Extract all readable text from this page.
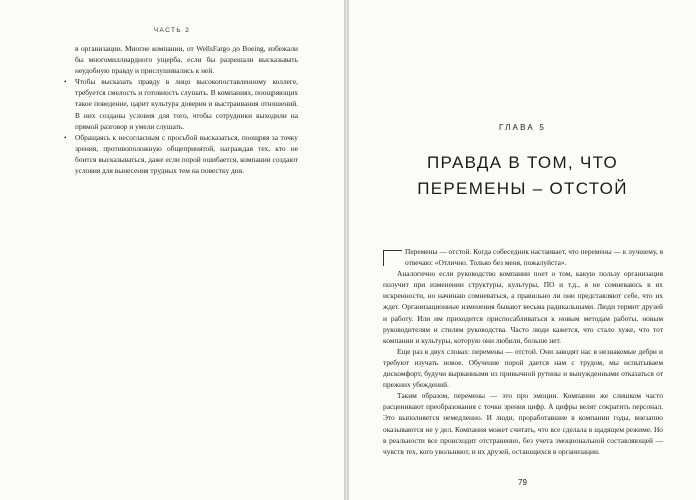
ЧАСТЬ 2

в организации. Многие компании, от WellsFargo до Boeing, избежали бы многомиллиардного ущерба, если бы разрешали высказывать неудобную правду и прислушивались к ней.

• Чтобы высказать правду в лицо высокопоставленному коллеге, требуется смелость и готовность слушать. В компаниях, поощряющих такое поведение, царит культура доверия и выстраивания отношений. В них созданы условия для того, чтобы сотрудники выходили на прямой разговор и умели слушать.

• Обращаясь к несогласным с просьбой высказаться, поощряя за точку зрения, противоположную общепринятой, награждая тех, кто не боится высказываться, даже если порой ошибается, компании создают условия для вынесения трудных тем на повестку дня.

ГЛАВА 5
ПРАВДА В ТОМ, ЧТО
ПЕРЕМЕНЫ – ОТСТОЙ

Перемены — отстой. Когда собеседник настаивает, что перемены — к лучшему, я отвечаю: «Отлично. Только без меня, пожалуйста».

Аналогично если руководство компании поет о том, какую пользу организация получит при изменении структуры, культуры, ПО и т.д., я не сомневаюсь в их искренности, но начинаю сомневаться, а правильно ли они представляют себе, что их ждет. Организационные изменения бывают весьма радикальными. Люди теряют друзей и работу. Или им приходится приспосабливаться к новым методам работы, новым руководителям и стилям руководства. Часто люди кажется, что стало хуже, что тот компании и культуры, которую они любили, больше нет.

Еще раз в двух словах: перемены — отстой. Они заводят нас в незнакомые дебри и требуют изучать новое. Обучение порой дается нам с трудом, мы испытываем дискомфорт, будучи вырванными из привычной рутины и вынужденными отказаться от прежних убеждений.

Таким образом, перемены — это про эмоции. Компании же слишком часто расценивают преобразования с точки зрения цифр. А цифры велят сократить персонал. Это выполняется немедленно. И люди, проработавшие в компании годы, внезапно оказываются не у дел. Компания может считать, что все сделала в щадящем режиме. Но в реальности все происходит отстраненно, без учета эмоциональной составляющей — чувств тех, кого увольняют, и их друзей, остающихся в организации.

79
